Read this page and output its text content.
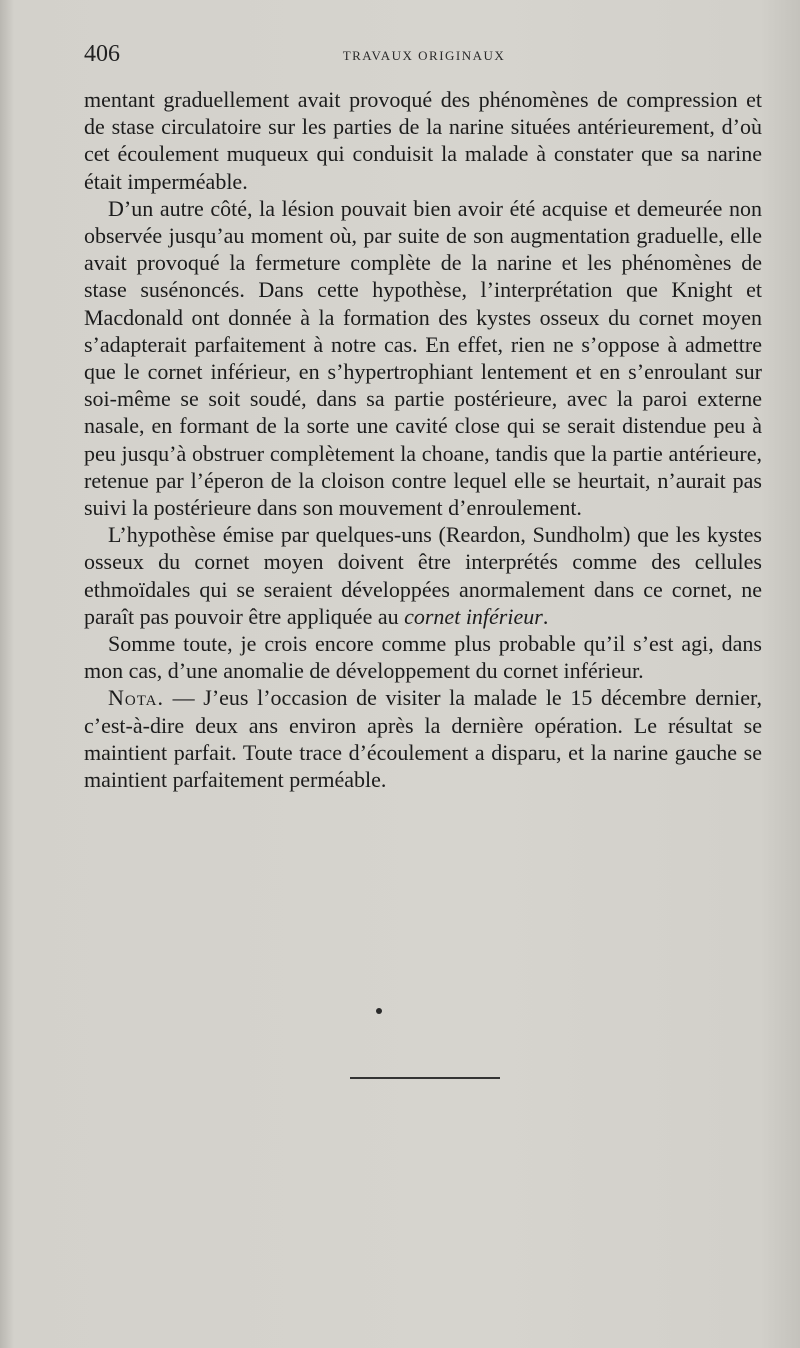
406	TRAVAUX ORIGINAUX

mentant graduellement avait provoqué des phénomènes de compression et de stase circulatoire sur les parties de la narine situées antérieurement, d’où cet écoulement muqueux qui conduisit la malade à constater que sa narine était imperméable.

D’un autre côté, la lésion pouvait bien avoir été acquise et demeurée non observée jusqu’au moment où, par suite de son augmentation graduelle, elle avait provoqué la fermeture complète de la narine et les phénomènes de stase susénoncés. Dans cette hypothèse, l’interprétation que Knight et Macdonald ont donnée à la formation des kystes osseux du cornet moyen s’adapterait parfaitement à notre cas. En effet, rien ne s’oppose à admettre que le cornet inférieur, en s’hypertrophiant lentement et en s’enroulant sur soi-même se soit soudé, dans sa partie postérieure, avec la paroi externe nasale, en formant de la sorte une cavité close qui se serait distendue peu à peu jusqu’à obstruer complètement la choane, tandis que la partie antérieure, retenue par l’éperon de la cloison contre lequel elle se heurtait, n’aurait pas suivi la postérieure dans son mouvement d’enroulement.

L’hypothèse émise par quelques-uns (Reardon, Sundholm) que les kystes osseux du cornet moyen doivent être interprétés comme des cellules ethmoïdales qui se seraient développées anormalement dans ce cornet, ne paraît pas pouvoir être appliquée au cornet inférieur.

Somme toute, je crois encore comme plus probable qu’il s’est agi, dans mon cas, d’une anomalie de développement du cornet inférieur.

Nota. — J’eus l’occasion de visiter la malade le 15 décembre dernier, c’est-à-dire deux ans environ après la dernière opération. Le résultat se maintient parfait. Toute trace d’écoulement a disparu, et la narine gauche se maintient parfaitement perméable.
